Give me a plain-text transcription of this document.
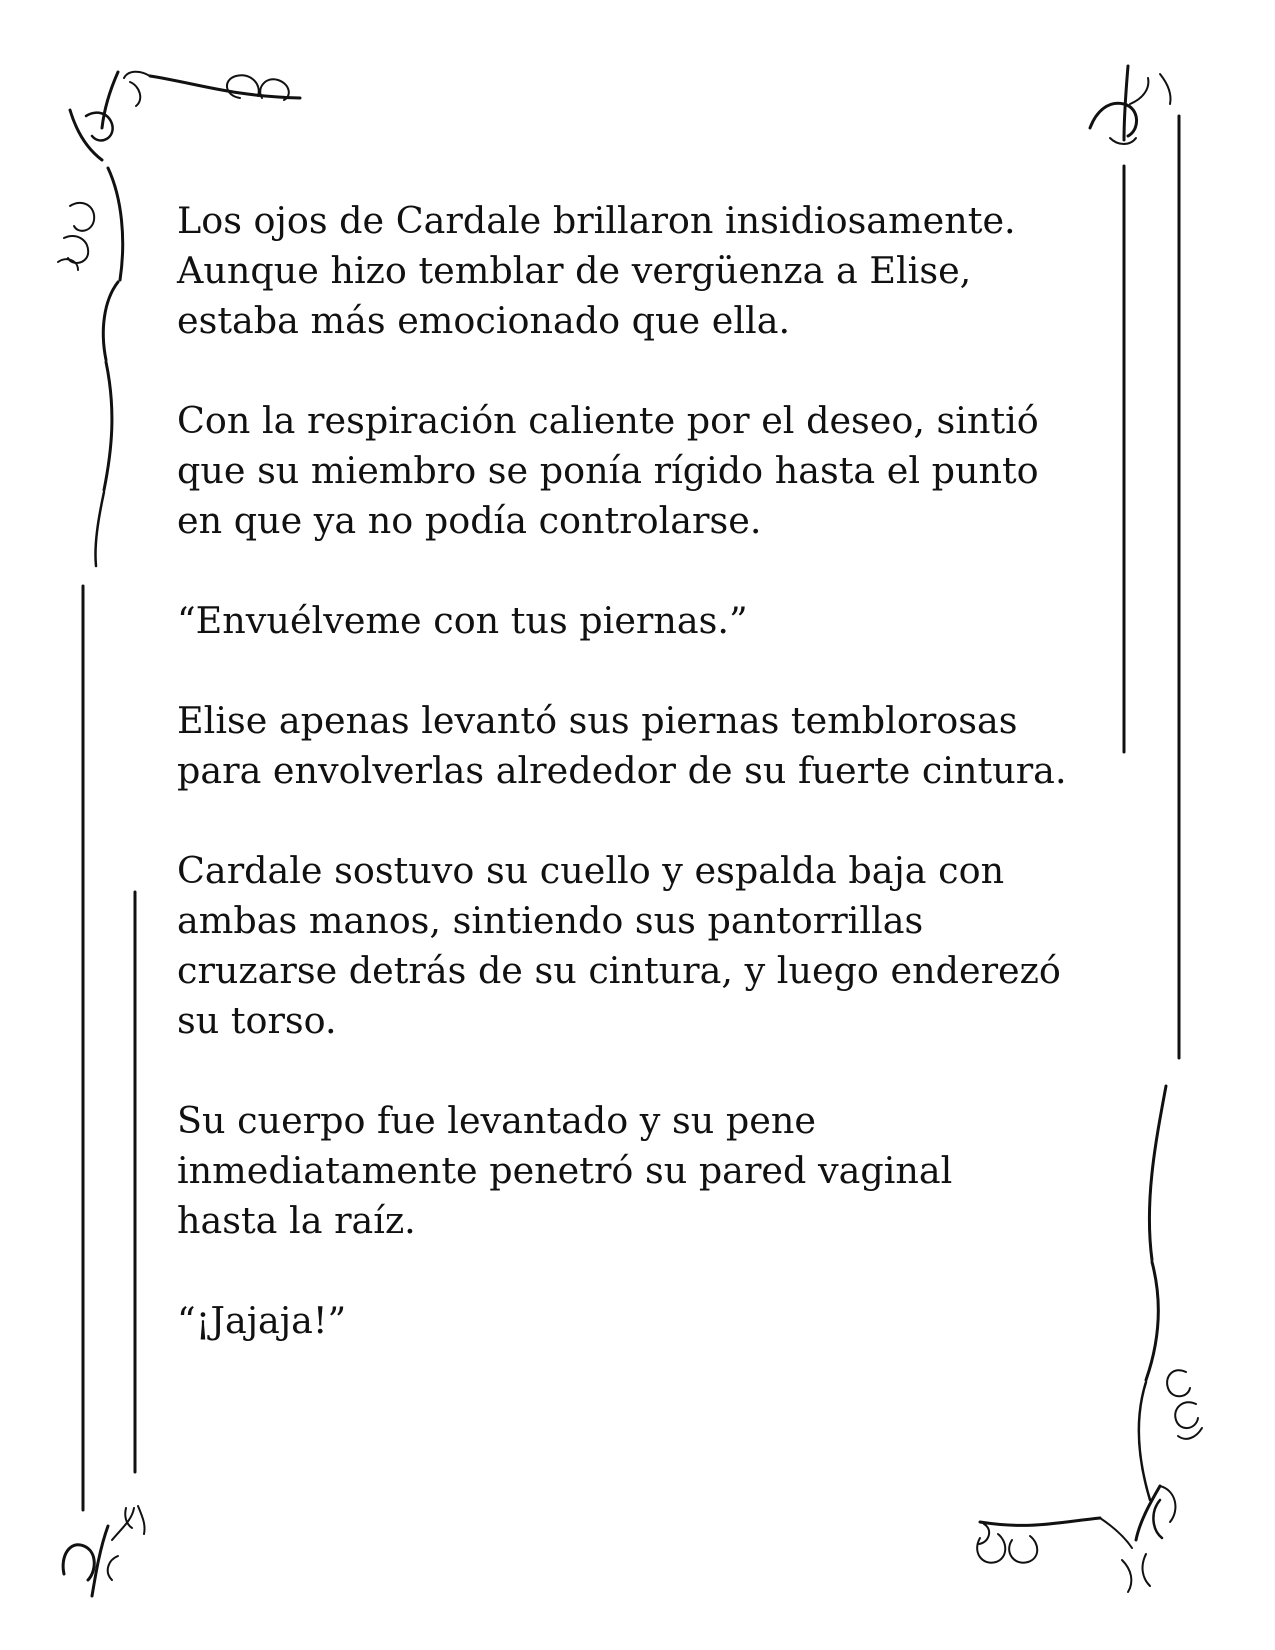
Los ojos de Cardale brillaron insidiosamente.
Aunque hizo temblar de vergüenza a Elise,
estaba más emocionado que ella.

Con la respiración caliente por el deseo, sintió
que su miembro se ponía rígido hasta el punto
en que ya no podía controlarse.

“Envuélveme con tus piernas.”

Elise apenas levantó sus piernas temblorosas
para envolverlas alrededor de su fuerte cintura.

Cardale sostuvo su cuello y espalda baja con
ambas manos, sintiendo sus pantorrillas
cruzarse detrás de su cintura, y luego enderezó
su torso.

Su cuerpo fue levantado y su pene
inmediatamente penetró su pared vaginal
hasta la raíz.

“¡Jajaja!”
